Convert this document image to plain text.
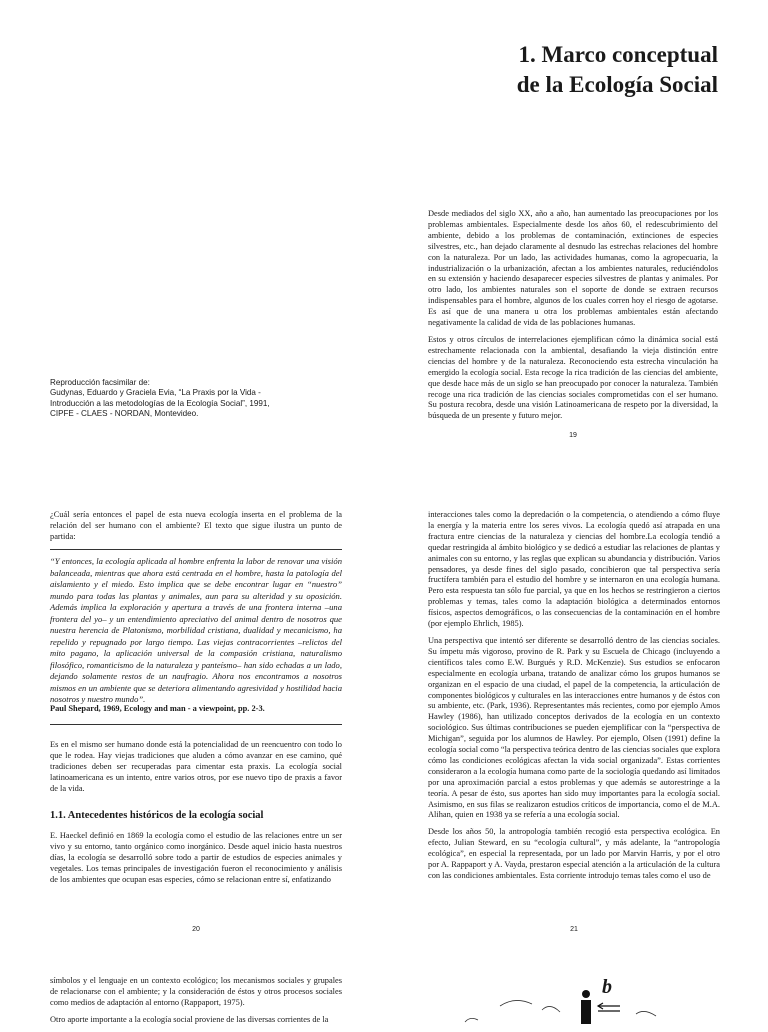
1. Marco conceptual
de la Ecología Social

Desde mediados del siglo XX, año a año, han aumentado las preocupaciones por los problemas ambientales. Especialmente desde los años 60, el redescubrimiento del ambiente, debido a los problemas de contaminación, extinciones de especies silvestres, etc., han dejado claramente al desnudo las estrechas relaciones del hombre con la naturaleza. Por un lado, las actividades humanas, como la agropecuaria, la industrialización o la urbanización, afectan a los ambientes naturales, reduciéndolos en su extensión y haciendo desaparecer especies silvestres de plantas y animales. Por otro lado, los ambientes naturales son el soporte de donde se extraen recursos indispensables para el hombre, algunos de los cuales corren hoy el riesgo de agotarse. Es así que de una manera u otra los problemas ambientales están afectando negativamente la calidad de vida de las poblaciones humanas.

Estos y otros círculos de interrelaciones ejemplifican cómo la dinámica social está estrechamente relacionada con la ambiental, desafiando la vieja distinción entre ciencias del hombre y de la naturaleza. Reconociendo esta estrecha vinculación ha emergido la ecología social. Esta recoge la rica tradición de las ciencias del ambiente, que desde hace más de un siglo se han preocupado por conocer la naturaleza. También recoge una rica tradición de las ciencias sociales comprometidas con el ser humano. Su postura recobra, desde una visión Latinoamericana de respeto por la diversidad, la búsqueda de un presente y futuro mejor.

Reproducción facsimilar de:
Gudynas, Eduardo y Graciela Evia, “La Praxis por la Vida -
Introducción a las metodologías de la Ecología Social”, 1991,
CIPFE - CLAES - NORDAN, Montevideo.
19
¿Cuál sería entonces el papel de esta nueva ecología inserta en el problema de la relación del ser humano con el ambiente? El texto que sigue ilustra un punto de partida:
“Y entonces, la ecología aplicada al hombre enfrenta la labor de renovar una visión balanceada, mientras que ahora está centrada en el hombre, hasta la patología del aislamiento y el miedo. Esto implica que se debe encontrar lugar en “nuestro” mundo para todas las plantas y animales, aun para su alteridad y su oposición. Además implica la exploración y apertura a través de una frontera interna –una frontera del yo– y un entendimiento apreciativo del animal dentro de nosotros que nuestra herencia de Platonismo, morbilidad cristiana, dualidad y mecanicismo, ha repelido y repugnado por largo tiempo. Las viejas contracorrientes –relictos del mito pagano, la aplicación universal de la compasión cristiana, naturalismo filosófico, romanticismo de la naturaleza y panteísmo– han sido echadas a un lado, dejando solamente restos de un naufragio. Ahora nos encontramos a nosotros mismos en un ambiente que se deteriora alimentando agresividad y hostilidad hacia nosotros y nuestro mundo”.
Paul Shepard, 1969, Ecology and man - a viewpoint, pp. 2-3.
Es en el mismo ser humano donde está la potencialidad de un reencuentro con todo lo que le rodea. Hay viejas tradiciones que aluden a cómo avanzar en ese camino, qué tradiciones deben ser recuperadas para cimentar esta praxis. La ecología social latinoamericana es un intento, entre varios otros, por ese nuevo tipo de praxis a favor de la vida.
1.1. Antecedentes históricos de la ecología social
E. Haeckel definió en 1869 la ecología como el estudio de las relaciones entre un ser vivo y su entorno, tanto orgánico como inorgánico. Desde aquel inicio hasta nuestros días, la ecología se desarrolló sobre todo a partir de estudios de especies animales y vegetales. Los temas principales de investigación fueron el reconocimiento y análisis de los ambientes que ocupan esas especies, cómo se relacionan entre sí, enfatizando
20

interacciones tales como la depredación o la competencia, o atendiendo a cómo fluye la energía y la materia entre los seres vivos. La ecología quedó así atrapada en una fractura entre ciencias de la naturaleza y ciencias del hombre.La ecología tendió a quedar restringida al ámbito biológico y se dedicó a estudiar las relaciones de plantas y animales con su entorno, y las reglas que explican su abundancia y distribución. Varios pensadores, ya desde fines del siglo pasado, concibieron que tal perspectiva sería fructífera también para el estudio del hombre y se internaron en una ecología humana. Pero esta respuesta tan sólo fue parcial, ya que en los hechos se restringieron a ciertos problemas y temas, tales como la adaptación biológica a determinados entornos físicos, aspectos demográficos, o las consecuencias de la contaminación en el hombre (por ejemplo Ehrlich, 1985).

Una perspectiva que intentó ser diferente se desarrolló dentro de las ciencias sociales. Su ímpetu más vigoroso, provino de R. Park y su Escuela de Chicago (incluyendo a científicos tales como E.W. Burgués y R.D. McKenzie). Sus estudios se enfocaron especialmente en ecología urbana, tratando de analizar cómo los grupos humanos se organizan en el espacio de una ciudad, el papel de la competencia, la articulación de componentes biológicos y culturales en las interacciones entre humanos y de éstos con su ambiente, etc. (Park, 1936). Representantes más recientes, como por ejemplo Amos Hawley (1986), han utilizado conceptos derivados de la ecología en un contexto sociológico. Sus últimas contribuciones se pueden ejemplificar con la “perspectiva de Michigan”, seguida por los alumnos de Hawley. Por ejemplo, Olsen (1991) define la ecología social como “la perspectiva teórica dentro de las ciencias sociales que explora cómo las condiciones ecológicas afectan la vida social organizada”. Estas corrientes consideraron a la ecología humana como parte de la sociología quedando así limitados por una aproximación parcial a estos problemas y que además se autorestringe a la teoría. A pesar de ésto, sus aportes han sido muy importantes para la ecología social. Asimismo, en sus filas se realizaron estudios críticos de importancia, como el de M.A. Alihan, quien en 1938 ya se refería a una ecología social.

Desde los años 50, la antropología también recogió esta perspectiva ecológica. En efecto, Julian Steward, en su “ecología cultural”, y más adelante, la “antropología ecológica”, en especial la representada, por un lado por Marvin Harris, y por el otro por A. Rappaport y A. Vayda, prestaron especial atención a la articulación de la cultura con las condiciones ambientales. Esta corriente introdujo temas tales como el uso de

21

símbolos y el lenguaje en un contexto ecológico; los mecanismos sociales y grupales de relacionarse con el ambiente; y la consideración de éstos y otros procesos sociales como medios de adaptación al entorno (Rappaport, 1975).

Otro aporte importante a la ecología social proviene de las diversas corrientes de la

b
